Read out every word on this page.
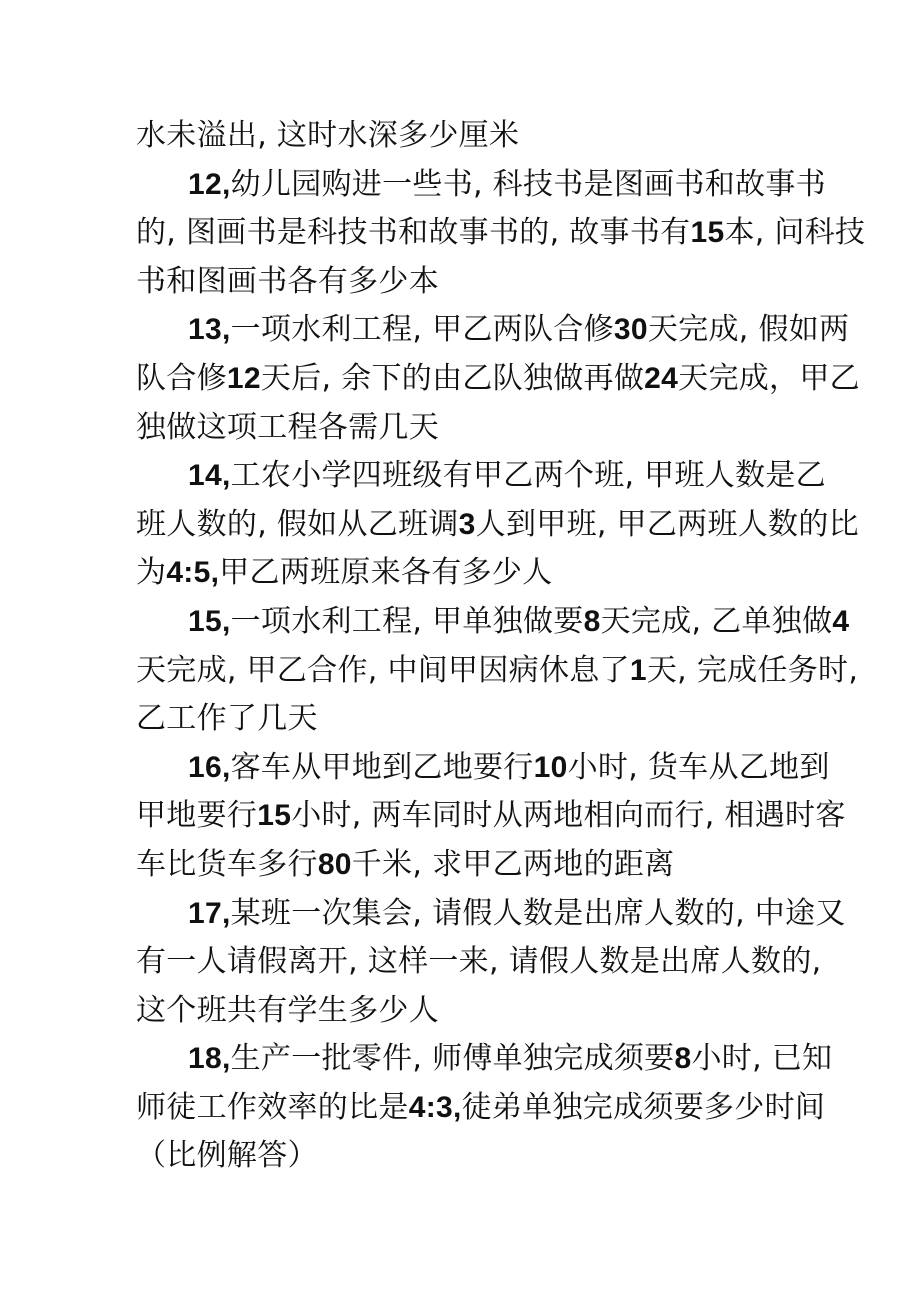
水未溢出, 这时水深多少厘米
12,幼儿园购进一些书, 科技书是图画书和故事书
的, 图画书是科技书和故事书的, 故事书有15本, 问科技
书和图画书各有多少本
13,一项水利工程, 甲乙两队合修30天完成, 假如两
队合修12天后, 余下的由乙队独做再做24天完成，甲乙
独做这项工程各需几天
14,工农小学四班级有甲乙两个班, 甲班人数是乙
班人数的, 假如从乙班调3人到甲班, 甲乙两班人数的比
为4:5,甲乙两班原来各有多少人
15,一项水利工程, 甲单独做要8天完成, 乙单独做4
天完成, 甲乙合作, 中间甲因病休息了1天, 完成任务时,
乙工作了几天
16,客车从甲地到乙地要行10小时, 货车从乙地到
甲地要行15小时, 两车同时从两地相向而行, 相遇时客
车比货车多行80千米, 求甲乙两地的距离
17,某班一次集会, 请假人数是出席人数的, 中途又
有一人请假离开, 这样一来, 请假人数是出席人数的,
这个班共有学生多少人
18,生产一批零件, 师傅单独完成须要8小时, 已知
师徒工作效率的比是4:3,徒弟单独完成须要多少时间
（比例解答）
